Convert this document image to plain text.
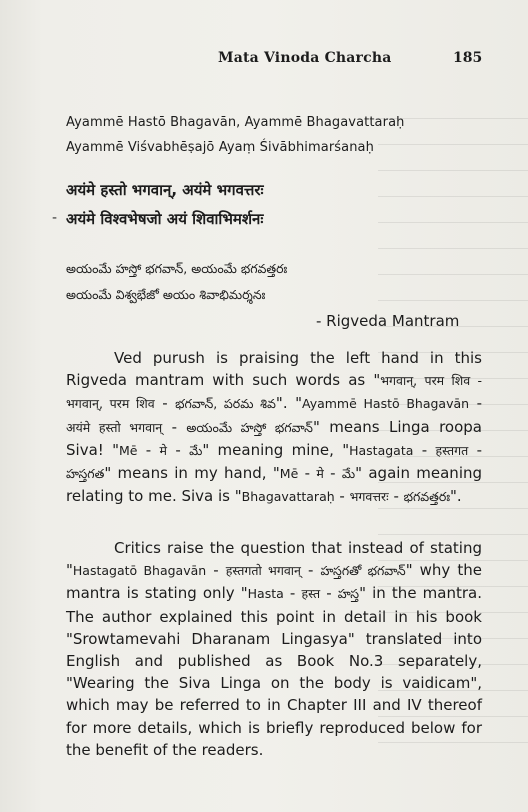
Mata Vinoda Charcha	185
Ayammē Hastō Bhagavān, Ayammē Bhagavattaraḥ
Ayammē Viśvabhēṣajō Ayaṃ Śivābhimarśanaḥ
अयंमे हस्तो भगवान्, अयंमे भगवत्तरः
- अयंमे विश्वभेषजो अयं शिवाभिमर्शनः
అయంమే హస్తో భగవాన్, అయంమే భగవత్తరః
అయంమే విశ్వభేజో అయం శివాభిమర్శనః
- Rigveda Mantram

Ved purush is praising the left hand in this Rigveda mantram with such words as "भगवान्, परम शिव - भगवान्, परम शिव - భగవాన్, పరమ శివ". "Ayammē Hastō Bhagavān - अयंमे हस्तो भगवान् - అయంమే హస్తో భగవాన్" means Linga roopa Siva! "Mē - मे - మే" meaning mine, "Hastagata - हस्तगत - హస్తగత" means in my hand, "Mē - मे - మే" again meaning relating to me. Siva is "Bhagavattaraḥ - भगवत्तरः - భగవత్తరః".

Critics raise the question that instead of stating "Hastagatō Bhagavān - हस्तगतो भगवान् - హస్తగతో భగవాన్" why the mantra is stating only "Hasta - हस्त - హస్త" in the mantra. The author explained this point in detail in his book "Srowtamevahi Dharanam Lingasya" translated into English and published as Book No.3 separately, "Wearing the Siva Linga on the body is vaidicam", which may be referred to in Chapter III and IV thereof for more details, which is briefly reproduced below for the benefit of the readers.
